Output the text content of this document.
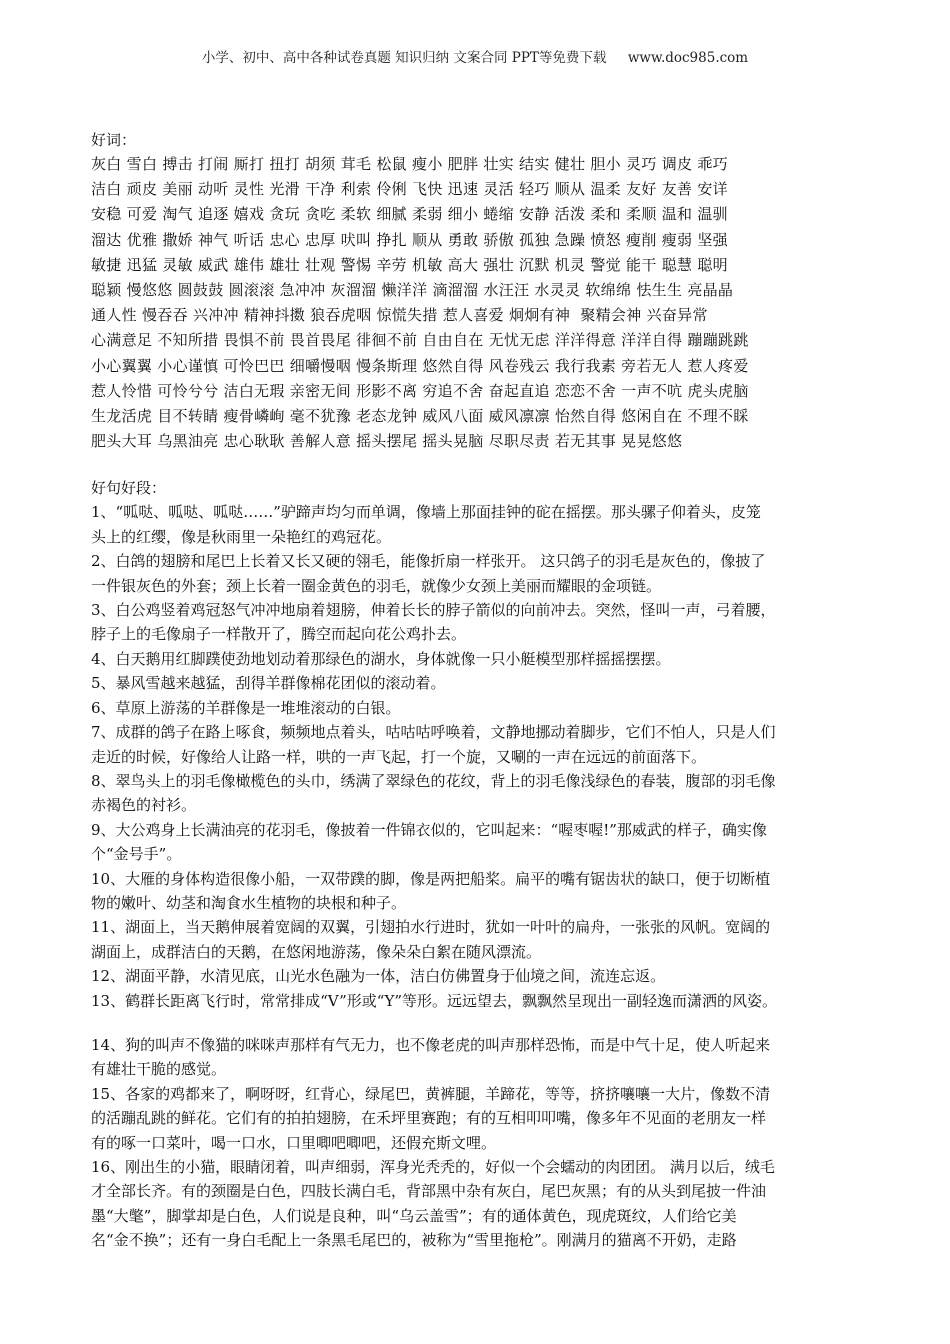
小学、初中、高中各种试卷真题 知识归纳 文案合同 PPT等免费下载     www.doc985.com
好词：
灰白 雪白 搏击 打闹 厮打 扭打 胡须 茸毛 松鼠 瘦小 肥胖 壮实 结实 健壮 胆小 灵巧 调皮 乖巧
洁白 顽皮 美丽 动听 灵性 光滑 干净 利索 伶俐 飞快 迅速 灵活 轻巧 顺从 温柔 友好 友善 安详
安稳 可爱 淘气 追逐 嬉戏 贪玩 贪吃 柔软 细腻 柔弱 细小 蜷缩 安静 活泼 柔和 柔顺 温和 温驯
溜达 优雅 撒娇 神气 听话 忠心 忠厚 吠叫 挣扎 顺从 勇敢 骄傲 孤独 急躁 愤怒 瘦削 瘦弱 坚强
敏捷 迅猛 灵敏 威武 雄伟 雄壮 壮观 警惕 辛劳 机敏 高大 强壮 沉默 机灵 警觉 能干 聪慧 聪明
聪颖 慢悠悠 圆鼓鼓 圆滚滚 急冲冲 灰溜溜 懒洋洋 滴溜溜 水汪汪 水灵灵 软绵绵 怯生生 亮晶晶
通人性 慢吞吞 兴冲冲 精神抖擞 狼吞虎咽 惊慌失措 惹人喜爱 炯炯有神  聚精会神 兴奋异常
心满意足 不知所措 畏惧不前 畏首畏尾 徘徊不前 自由自在 无忧无虑 洋洋得意 洋洋自得 蹦蹦跳跳
小心翼翼 小心谨慎 可怜巴巴 细嚼慢咽 慢条斯理 悠然自得 风卷残云 我行我素 旁若无人 惹人疼爱
惹人怜惜 可怜兮兮 洁白无瑕 亲密无间 形影不离 穷追不舍 奋起直追 恋恋不舍 一声不吭 虎头虎脑
生龙活虎 目不转睛 瘦骨嶙峋 毫不犹豫 老态龙钟 威风八面 威风凛凛 怡然自得 悠闲自在 不理不睬
肥头大耳 乌黑油亮 忠心耿耿 善解人意 摇头摆尾 摇头晃脑 尽职尽责 若无其事 晃晃悠悠
好句好段：
1、“呱哒、呱哒、呱哒……”驴蹄声均匀而单调，像墙上那面挂钟的砣在摇摆。那头骡子仰着头，皮笼
头上的红缨，像是秋雨里一朵艳红的鸡冠花。
2、白鸽的翅膀和尾巴上长着又长又硬的翎毛，能像折扇一样张开。 这只鸽子的羽毛是灰色的，像披了
一件银灰色的外套；颈上长着一圈金黄色的羽毛，就像少女颈上美丽而耀眼的金项链。
3、白公鸡竖着鸡冠怒气冲冲地扇着翅膀，伸着长长的脖子箭似的向前冲去。突然，怪叫一声，弓着腰，
脖子上的毛像扇子一样散开了，腾空而起向花公鸡扑去。
4、白天鹅用红脚蹼使劲地划动着那绿色的湖水，身体就像一只小艇模型那样摇摇摆摆。
5、暴风雪越来越猛，刮得羊群像棉花团似的滚动着。
6、草原上游荡的羊群像是一堆堆滚动的白银。
7、成群的鸽子在路上啄食，频频地点着头，咕咕咕呼唤着，文静地挪动着脚步，它们不怕人，只是人们
走近的时候，好像给人让路一样，哄的一声飞起，打一个旋，又唰的一声在远远的前面落下。
8、翠鸟头上的羽毛像橄榄色的头巾，绣满了翠绿色的花纹，背上的羽毛像浅绿色的春装，腹部的羽毛像
赤褐色的衬衫。
9、大公鸡身上长满油亮的花羽毛，像披着一件锦衣似的，它叫起来：“喔枣喔!”那威武的样子，确实像
个“金号手”。
10、大雁的身体构造很像小船，一双带蹼的脚，像是两把船桨。扁平的嘴有锯齿状的缺口，便于切断植
物的嫩叶、幼茎和淘食水生植物的块根和种子。
11、湖面上，当天鹅伸展着宽阔的双翼，引翅拍水行进时，犹如一叶叶的扁舟，一张张的风帆。宽阔的
湖面上，成群洁白的天鹅，在悠闲地游荡，像朵朵白絮在随风漂流。
12、湖面平静，水清见底，山光水色融为一体，洁白仿佛置身于仙境之间，流连忘返。
13、鹤群长距离飞行时，常常排成“V”形或“Y”等形。远远望去，飘飘然呈现出一副轻逸而潇洒的风姿。
14、狗的叫声不像猫的咪咪声那样有气无力，也不像老虎的叫声那样恐怖，而是中气十足，使人听起来
有雄壮干脆的感觉。
15、各家的鸡都来了，啊呀呀，红背心，绿尾巴，黄裤腿，羊蹄花，等等，挤挤嚷嚷一大片，像数不清
的活蹦乱跳的鲜花。它们有的拍拍翅膀，在禾坪里赛跑；有的互相叩叩嘴，像多年不见面的老朋友一样
有的啄一口菜叶，喝一口水，口里唧吧唧吧，还假充斯文哩。
16、刚出生的小猫，眼睛闭着，叫声细弱，浑身光秃秃的，好似一个会蠕动的肉团团。 满月以后，绒毛
才全部长齐。有的颈圈是白色，四肢长满白毛，背部黑中杂有灰白，尾巴灰黑；有的从头到尾披一件油
墨“大氅”，脚掌却是白色，人们说是良种，叫“乌云盖雪”；有的通体黄色，现虎斑纹，人们给它美
名“金不换”；还有一身白毛配上一条黑毛尾巴的，被称为“雪里拖枪”。刚满月的猫离不开奶，走路
